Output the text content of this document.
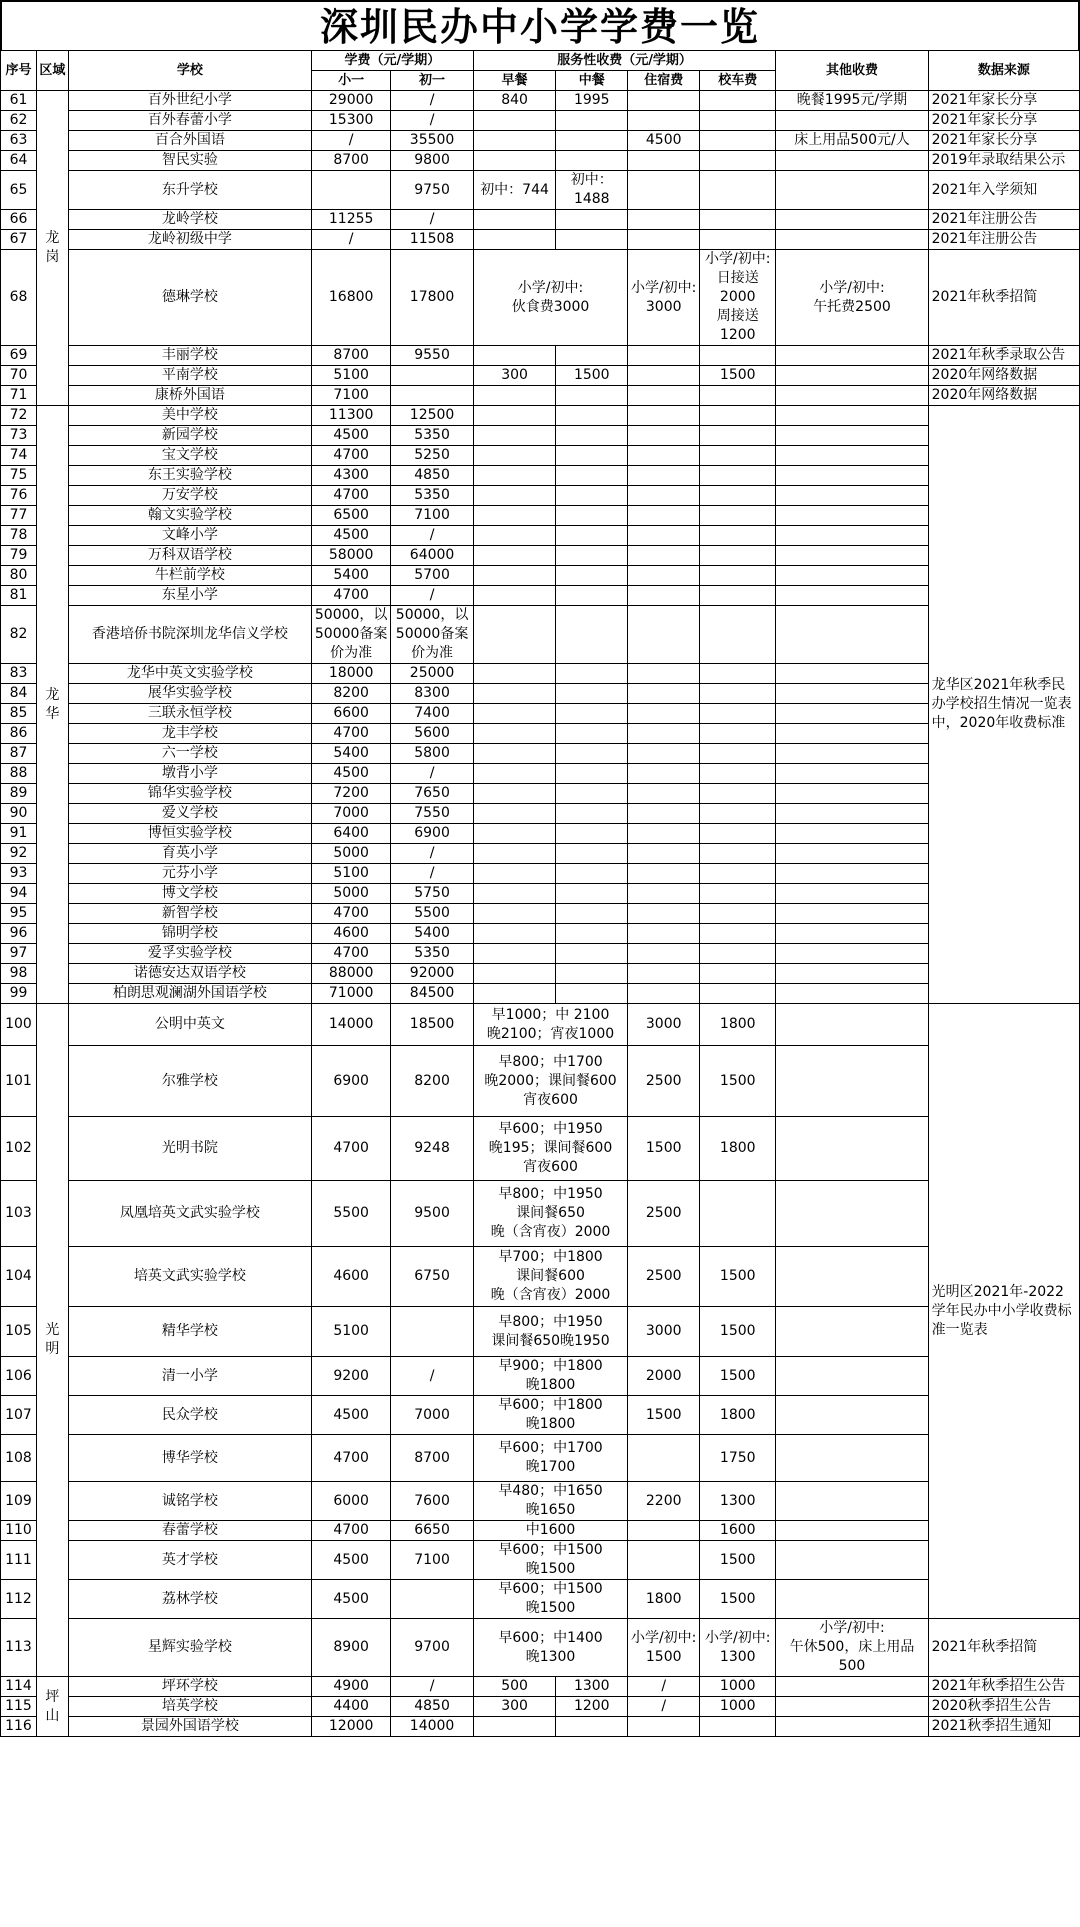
深圳民办中小学学费一览
序号	区域	学校	学费（元/学期）		服务性收费（元/学期）				其他收费	数据来源
			小一	初一	早餐	中餐	住宿费	校车费		
61	龙岗	百外世纪小学	29000	/	840	1995			晚餐1995元/学期	2021年家长分享
62		百外春蕾小学	15300	/						2021年家长分享
63		百合外国语	/	35500			4500		床上用品500元/人	2021年家长分享
64		智民实验	8700	9800						2019年录取结果公示
65		东升学校		9750	初中：744	初中：1488				2021年入学须知
66		龙岭学校	11255	/						2021年注册公告
67		龙岭初级中学	/	11508						2021年注册公告
68		德琳学校	16800	17800	小学/初中:
伙食费3000		小学/初中:
3000	小学/初中:
日接送2000
周接送1200	小学/初中:
午托费2500	2021年秋季招简
69		丰丽学校	8700	9550						2021年秋季录取公告
70		平南学校	5100		300	1500		1500		2020年网络数据
71		康桥外国语	7100							2020年网络数据
72	龙华	美中学校	11300	12500						龙华区2021年秋季民办学校招生情况一览表中，2020年收费标准
73		新园学校	4500	5350						
74		宝文学校	4700	5250						
75		东王实验学校	4300	4850						
76		万安学校	4700	5350						
77		翰文实验学校	6500	7100						
78		文峰小学	4500	/						
79		万科双语学校	58000	64000						
80		牛栏前学校	5400	5700						
81		东星小学	4700	/						
82		香港培侨书院深圳龙华信义学校	50000，以50000备案价为准	50000，以50000备案价为准						
83		龙华中英文实验学校	18000	25000						
84		展华实验学校	8200	8300						
85		三联永恒学校	6600	7400						
86		龙丰学校	4700	5600						
87		六一学校	5400	5800						
88		墩背小学	4500	/						
89		锦华实验学校	7200	7650						
90		爱义学校	7000	7550						
91		博恒实验学校	6400	6900						
92		育英小学	5000	/						
93		元芬小学	5100	/						
94		博文学校	5000	5750						
95		新智学校	4700	5500						
96		锦明学校	4600	5400						
97		爱孚实验学校	4700	5350						
98		诺德安达双语学校	88000	92000						
99		柏朗思观澜湖外国语学校	71000	84500						
100	光明	公明中英文	14000	18500	早1000；中 2100
晚2100；宵夜1000		3000	1800		光明区2021年-2022学年民办中小学收费标准一览表
101		尔雅学校	6900	8200	早800；中1700
晚2000；课间餐600
宵夜600		2500	1500		
102		光明书院	4700	9248	早600；中1950
晚195；课间餐600
宵夜600		1500	1800		
103		凤凰培英文武实验学校	5500	9500	早800；中1950
课间餐650
晚（含宵夜）2000		2500			
104		培英文武实验学校	4600	6750	早700；中1800
课间餐600
晚（含宵夜）2000		2500	1500		
105		精华学校	5100		早800；中1950
课间餐650晚1950		3000	1500		
106		清一小学	9200	/	早900；中1800
晚1800		2000	1500		
107		民众学校	4500	7000	早600；中1800
晚1800		1500	1800		
108		博华学校	4700	8700	早600；中1700
晚1700			1750		
109		诚铭学校	6000	7600	早480；中1650
晚1650		2200	1300		
110		春蕾学校	4700	6650	中1600			1600		
111		英才学校	4500	7100	早600；中1500
晚1500			1500		
112		荔林学校	4500		早600；中1500
晚1500		1800	1500		
113		星辉实验学校	8900	9700	早600；中1400
晚1300		小学/初中:
1500	小学/初中:
1300	小学/初中:
午休500，床上用品500	2021年秋季招简
114	坪山	坪环学校	4900	/	500	1300	/	1000		2021年秋季招生公告
115		培英学校	4400	4850	300	1200	/	1000		2020秋季招生公告
116		景园外国语学校	12000	14000						2021秋季招生通知
